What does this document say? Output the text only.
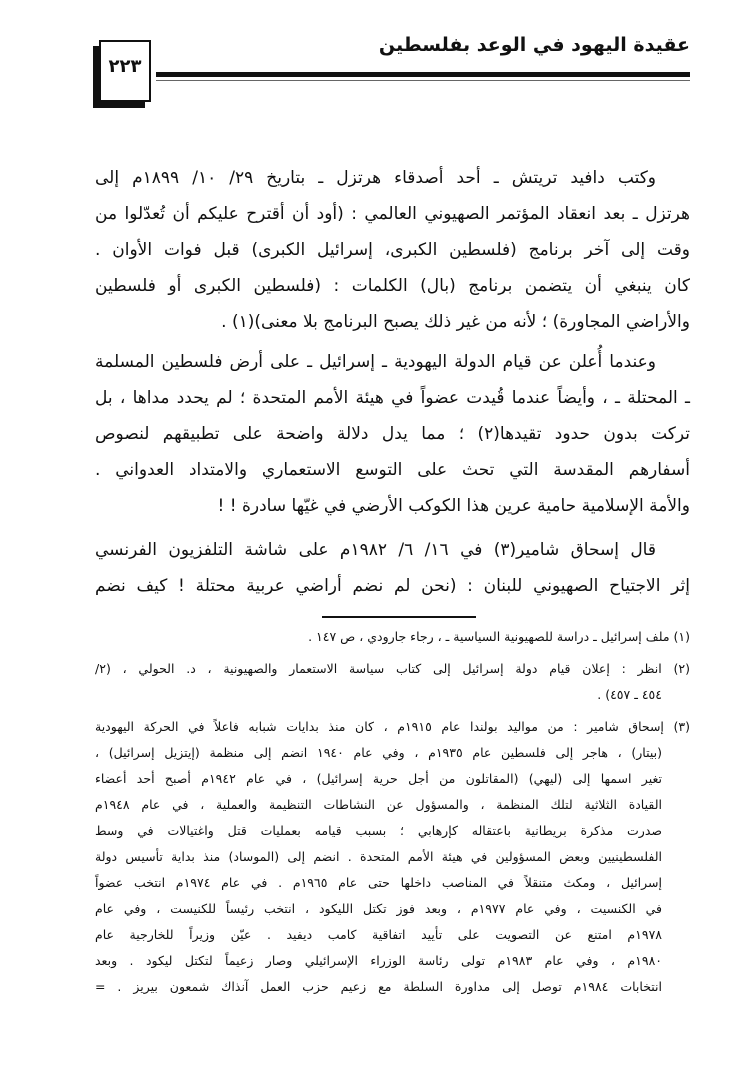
عقيدة اليهود في الوعد بفلسطين
٢٢٣
وكتب دافيد تريتش ـ أحد أصدقاء هرتزل ـ بتاريخ ٢٩/ ١٠/ ١٨٩٩م إلى
هرتزل ـ بعد انعقاد المؤتمر الصهيوني العالمي : (أود أن أقترح عليكم أن تُعدّلوا من
وقت إلى آخر برنامج (فلسطين الكبرى، إسرائيل الكبرى) قبل فوات الأوان .
كان ينبغي أن يتضمن برنامج (بال) الكلمات : (فلسطين الكبرى أو فلسطين
والأراضي المجاورة) ؛ لأنه من غير ذلك يصبح البرنامج بلا معنى)(١) .
وعندما أُعلن عن قيام الدولة اليهودية ـ إسرائيل ـ على أرض فلسطين المسلمة
ـ المحتلة ـ ، وأيضاً عندما قُيدت عضواً في هيئة الأمم المتحدة ؛ لم يحدد مداها ، بل
تركت بدون حدود تقيدها(٢) ؛ مما يدل دلالة واضحة على تطبيقهم لنصوص
أسفارهم المقدسة التي تحث على التوسع الاستعماري والامتداد العدواني .
والأمة الإسلامية حامية عرين هذا الكوكب الأرضي في غيّها سادرة ! !
قال إسحاق شامير(٣) في ١٦/ ٦/ ١٩٨٢م على شاشة التلفزيون الفرنسي
إثر الاجتياح الصهيوني للبنان : (نحن لم نضم أراضي عربية محتلة ! كيف نضم
(١) ملف إسرائيل ـ دراسة للصهيونية السياسية ـ ، رجاء جارودي ، ص ١٤٧ .
(٢) انظر : إعلان قيام دولة إسرائيل إلى كتاب سياسة الاستعمار والصهيونية ، د. الحولي ، (٢/
٤٥٤ ـ ٤٥٧) .
(٣) إسحاق شامير : من مواليد بولندا عام ١٩١٥م ، كان منذ بدايات شبابه فاعلاً في الحركة اليهودية
(بيتار) ، هاجر إلى فلسطين عام ١٩٣٥م ، وفي عام ١٩٤٠ انضم إلى منظمة (إيتزيل إسرائيل) ،
تغير اسمها إلى (ليهي) (المقاتلون من أجل حرية إسرائيل) ، في عام ١٩٤٢م أصبح أحد أعضاء
القيادة الثلاثية لتلك المنظمة ، والمسؤول عن النشاطات التنظيمة والعملية ، في عام ١٩٤٨م
صدرت مذكرة بريطانية باعتقاله كإرهابي ؛ بسبب قيامه بعمليات قتل واغتيالات في وسط
الفلسطينيين وبعض المسؤولين في هيئة الأمم المتحدة . انضم إلى (الموساد) منذ بداية تأسيس دولة
إسرائيل ، ومكث متنقلاً في المناصب داخلها حتى عام ١٩٦٥م . في عام ١٩٧٤م انتخب عضواً
في الكنسيت ، وفي عام ١٩٧٧م ، وبعد فوز تكتل الليكود ، انتخب رئيساً للكنيست ، وفي عام
١٩٧٨م امتنع عن التصويت على تأييد اتفاقية كامب ديفيد . عيّن وزيراً للخارجية عام
١٩٨٠م ، وفي عام ١٩٨٣م تولى رئاسة الوزراء الإسرائيلي وصار زعيماً لتكتل ليكود . وبعد
انتخابات ١٩٨٤م توصل إلى مداورة السلطة مع زعيم حزب العمل آنذاك شمعون بيريز . =
